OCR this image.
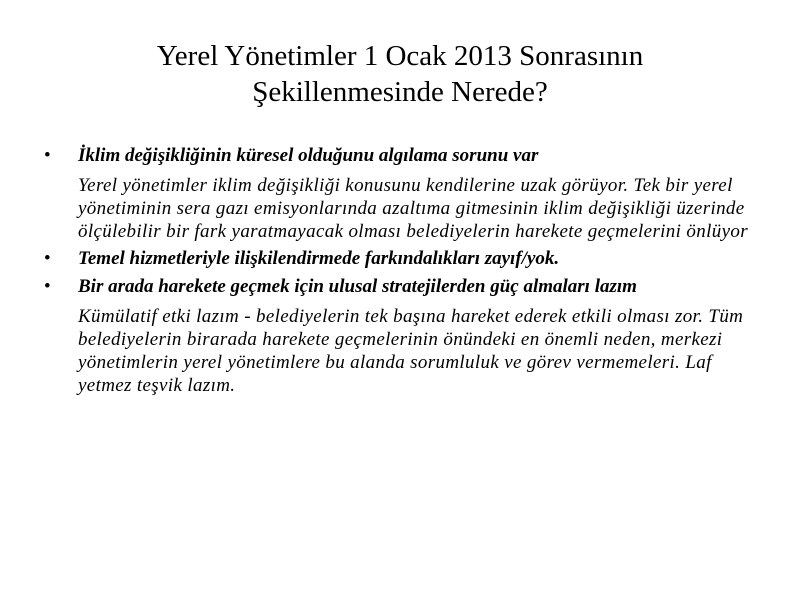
Yerel Yönetimler 1 Ocak 2013 Sonrasının
Şekillenmesinde Nerede?

• İklim değişikliğinin küresel olduğunu algılama sorunu var

Yerel yönetimler iklim değişikliği konusunu kendilerine uzak görüyor. Tek bir yerel yönetiminin sera gazı emisyonlarında azaltıma gitmesinin iklim değişikliği üzerinde ölçülebilir bir fark yaratmayacak olması belediyelerin harekete geçmelerini önlüyor

• Temel hizmetleriyle ilişkilendirmede farkındalıkları zayıf/yok.

• Bir arada harekete geçmek için ulusal stratejilerden güç almaları lazım

Kümülatif etki lazım - belediyelerin tek başına hareket ederek etkili olması zor. Tüm belediyelerin birarada harekete geçmelerinin önündeki en önemli neden, merkezi yönetimlerin yerel yönetimlere bu alanda sorumluluk ve görev vermemeleri. Laf yetmez teşvik lazım.
